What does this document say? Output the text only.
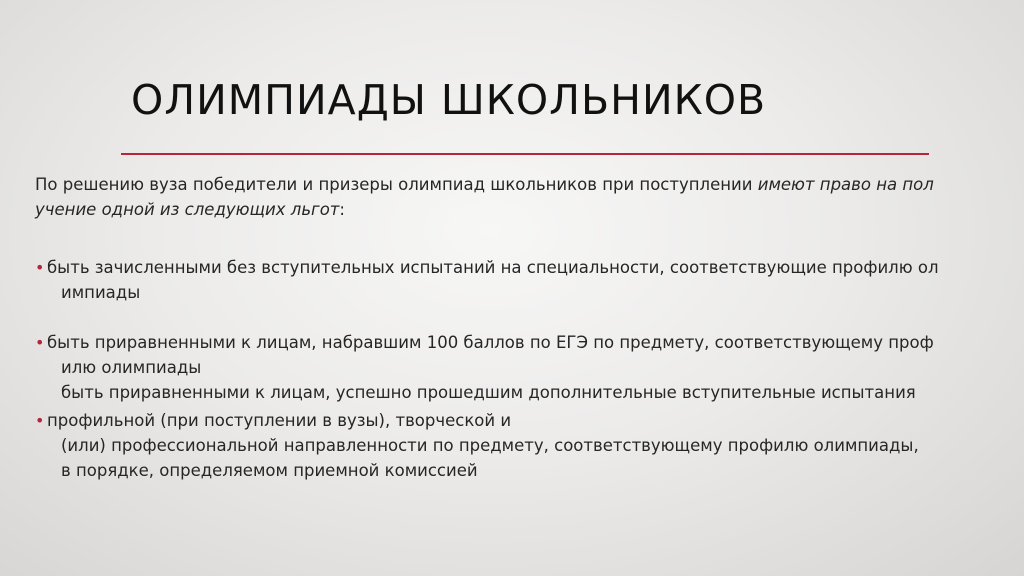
ОЛИМПИАДЫ ШКОЛЬНИКОВ
По решению вуза победители и призеры олимпиад школьников при поступлении имеют право на пол
учение одной из следующих льгот:
• быть зачисленными без вступительных испытаний на специальности, соответствующие профилю ол
импиады
• быть приравненными к лицам, набравшим 100 баллов по ЕГЭ по предмету, соответствующему проф
илю олимпиады
быть приравненными к лицам, успешно прошедшим дополнительные вступительные испытания
• профильной (при поступлении в вузы), творческой и
(или) профессиональной направленности по предмету, соответствующему профилю олимпиады,
в порядке, определяемом приемной комиссией
